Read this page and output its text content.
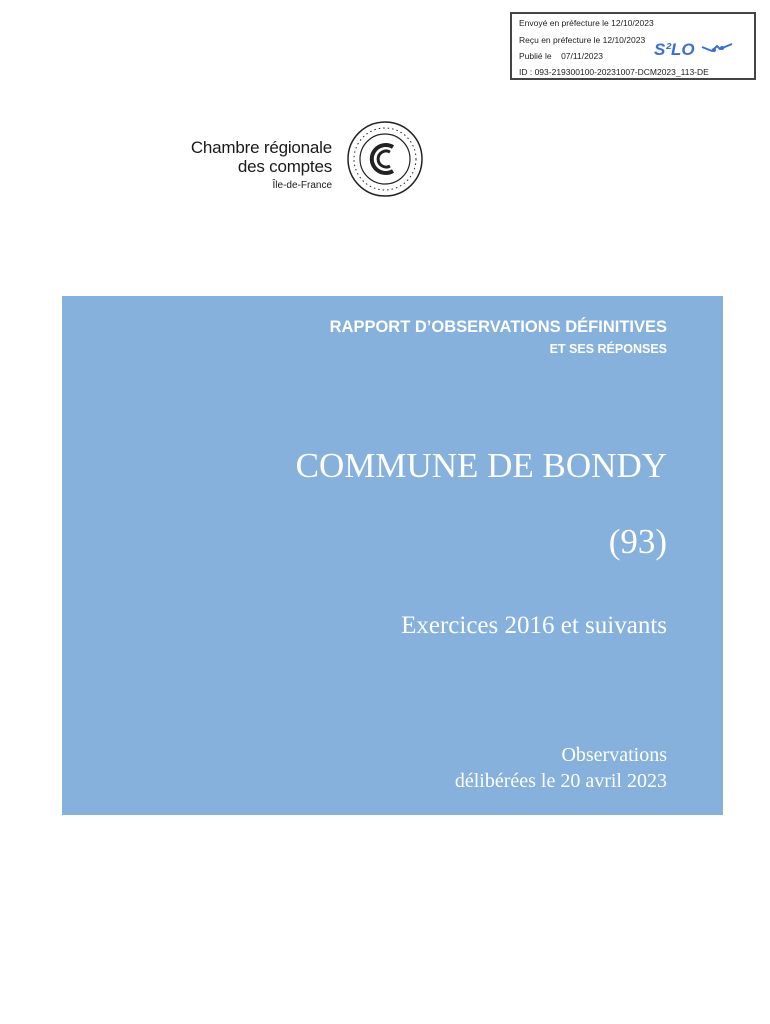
Envoyé en préfecture le 12/10/2023
Reçu en préfecture le 12/10/2023
Publié le 07/11/2023
ID : 093-219300100-20231007-DCM2023_113-DE
S²LO
Chambre régionale
des comptes
Île-de-France
RAPPORT D’OBSERVATIONS DÉFINITIVES
ET SES RÉPONSES
COMMUNE DE BONDY
(93)
Exercices 2016 et suivants
Observations
délibérées le 20 avril 2023
